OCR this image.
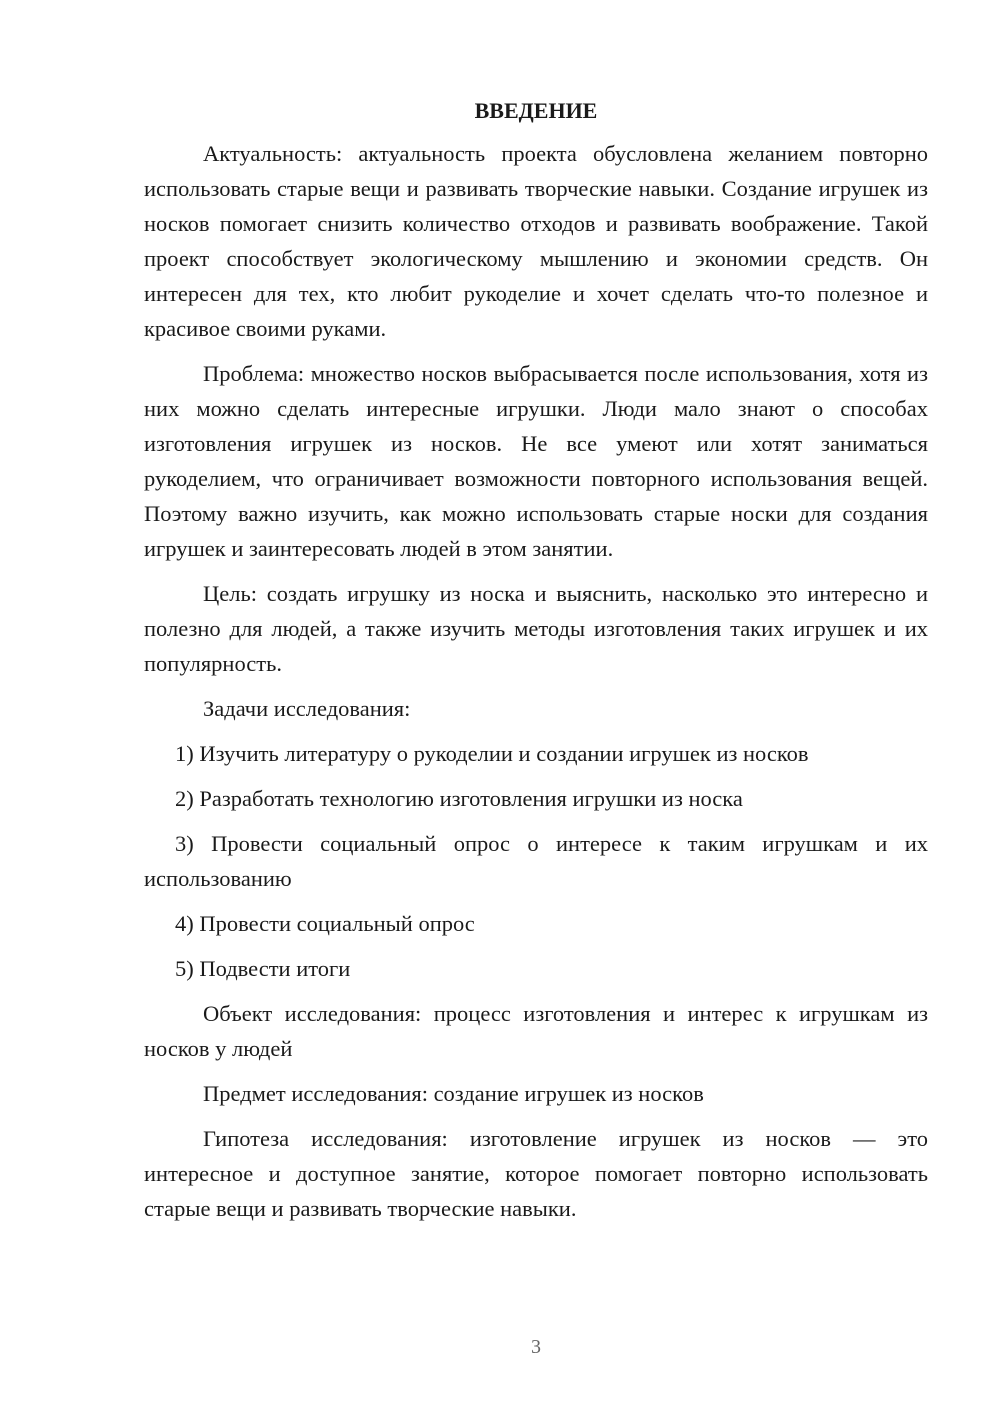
ВВЕДЕНИЕ

Актуальность: актуальность проекта обусловлена желанием повторно использовать старые вещи и развивать творческие навыки. Создание игрушек из носков помогает снизить количество отходов и развивать воображение. Такой проект способствует экологическому мышлению и экономии средств. Он интересен для тех, кто любит рукоделие и хочет сделать что-то полезное и красивое своими руками.

Проблема: множество носков выбрасывается после использования, хотя из них можно сделать интересные игрушки. Люди мало знают о способах изготовления игрушек из носков. Не все умеют или хотят заниматься рукоделием, что ограничивает возможности повторного использования вещей. Поэтому важно изучить, как можно использовать старые носки для создания игрушек и заинтересовать людей в этом занятии.

Цель: создать игрушку из носка и выяснить, насколько это интересно и полезно для людей, а также изучить методы изготовления таких игрушек и их популярность.

Задачи исследования:

1) Изучить литературу о рукоделии и создании игрушек из носков

2) Разработать технологию изготовления игрушки из носка

3) Провести социальный опрос о интересе к таким игрушкам и их использованию

4) Провести социальный опрос

5) Подвести итоги

Объект исследования: процесс изготовления и интерес к игрушкам из носков у людей

Предмет исследования: создание игрушек из носков

Гипотеза исследования: изготовление игрушек из носков — это интересное и доступное занятие, которое помогает повторно использовать старые вещи и развивать творческие навыки.

3
